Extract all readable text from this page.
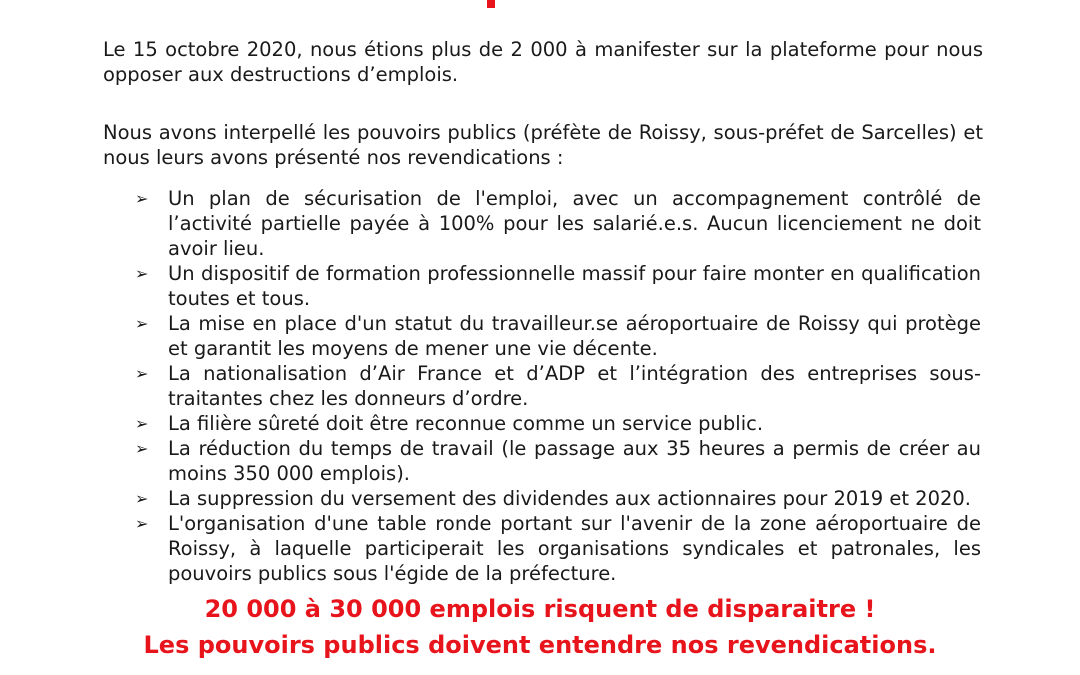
Le 15 octobre 2020, nous étions plus de 2 000 à manifester sur la plateforme pour nous opposer aux destructions d’emplois.

Nous avons interpellé les pouvoirs publics (préfète de Roissy, sous-préfet de Sarcelles) et nous leurs avons présenté nos revendications :

➢	Un plan de sécurisation de l'emploi, avec un accompagnement contrôlé de l’activité partielle payée à 100% pour les salarié.e.s. Aucun licenciement ne doit avoir lieu.
➢	Un dispositif de formation professionnelle massif pour faire monter en qualification toutes et tous.
➢	La mise en place d'un statut du travailleur.se aéroportuaire de Roissy qui protège et garantit les moyens de mener une vie décente.
➢	La nationalisation d’Air France et d’ADP et l’intégration des entreprises sous-traitantes chez les donneurs d’ordre.
➢	La filière sûreté doit être reconnue comme un service public.
➢	La réduction du temps de travail (le passage aux 35 heures a permis de créer au moins 350 000 emplois).
➢	La suppression du versement des dividendes aux actionnaires pour 2019 et 2020.
➢	L'organisation d'une table ronde portant sur l'avenir de la zone aéroportuaire de Roissy, à laquelle participerait les organisations syndicales et patronales, les pouvoirs publics sous l'égide de la préfecture.

20 000 à 30 000 emplois risquent de disparaitre !

Les pouvoirs publics doivent entendre nos revendications.
